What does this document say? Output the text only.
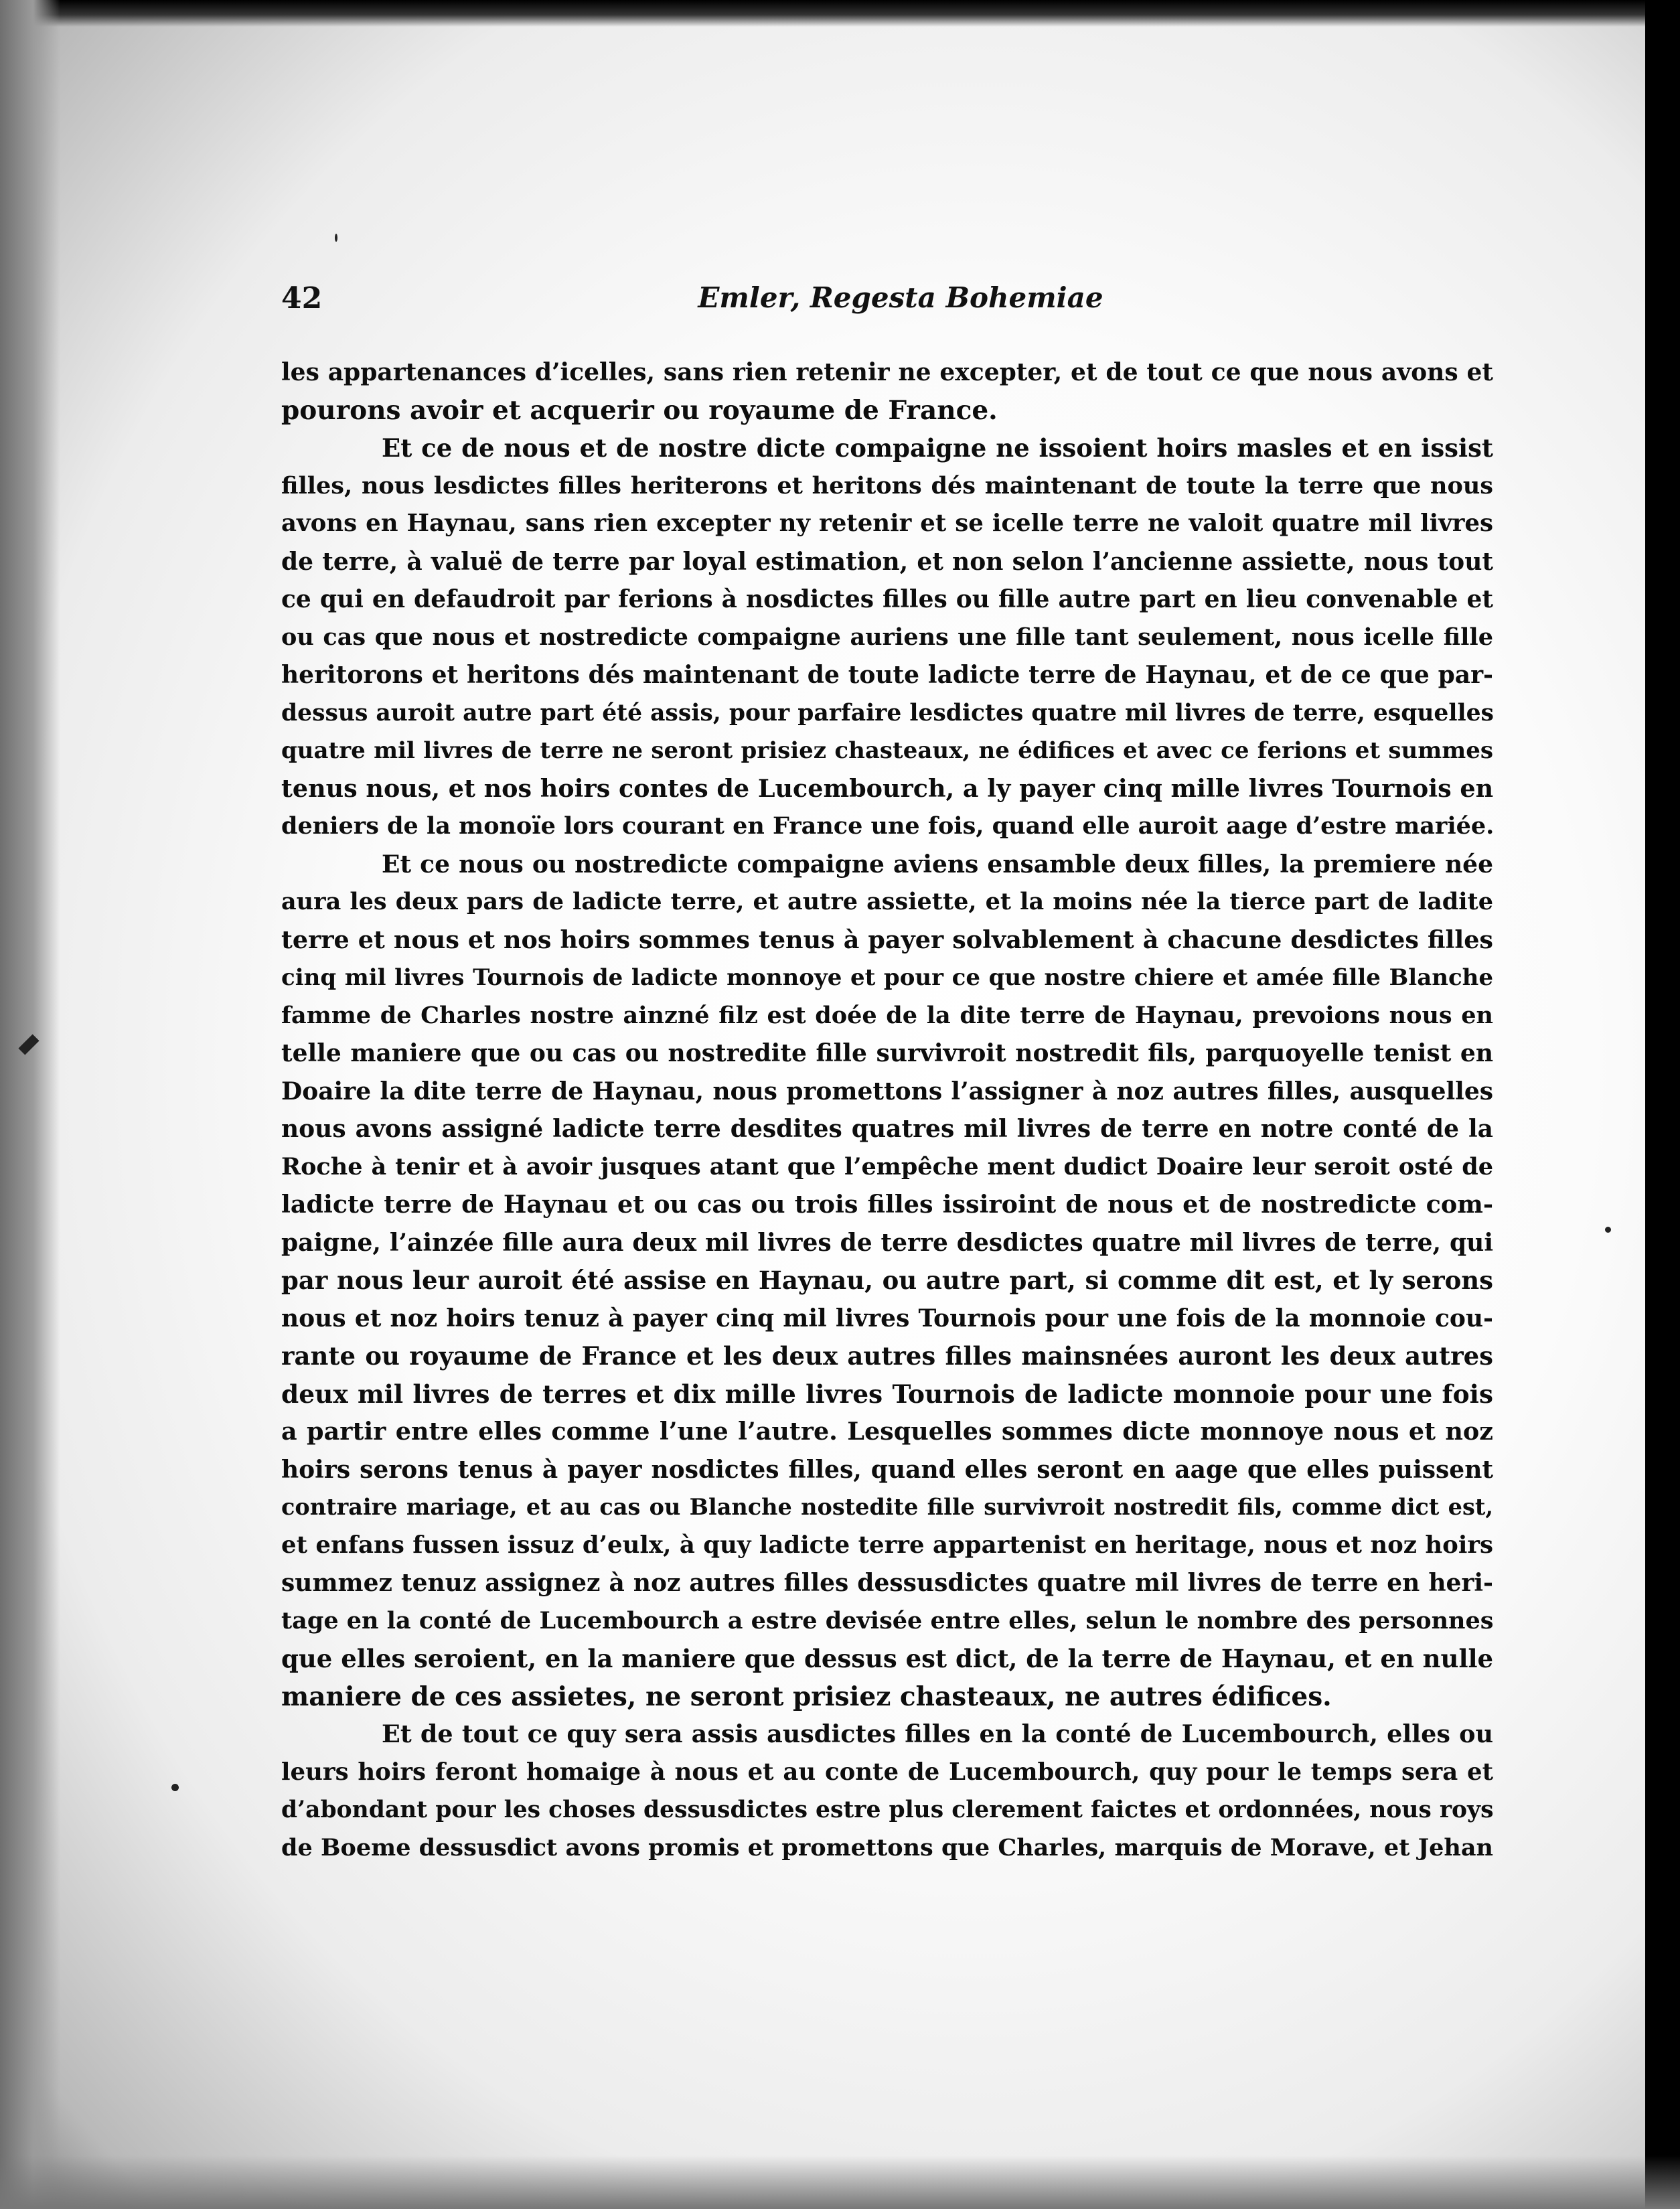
42	Emler, Regesta Bohemiae
les appartenances d’icelles, sans rien retenir ne excepter, et de tout ce que nous avons et
pourons avoir et acquerir ou royaume de France.
Et ce de nous et de nostre dicte compaigne ne issoient hoirs masles et en issist
filles, nous lesdictes filles heriterons et heritons dés maintenant de toute la terre que nous
avons en Haynau, sans rien excepter ny retenir et se icelle terre ne valoit quatre mil livres
de terre, à valuë de terre par loyal estimation, et non selon l’ancienne assiette, nous tout
ce qui en defaudroit par ferions à nosdictes filles ou fille autre part en lieu convenable et
ou cas que nous et nostredicte compaigne auriens une fille tant seulement, nous icelle fille
heritorons et heritons dés maintenant de toute ladicte terre de Haynau, et de ce que par-
dessus auroit autre part été assis, pour parfaire lesdictes quatre mil livres de terre, esquelles
quatre mil livres de terre ne seront prisiez chasteaux, ne édifices et avec ce ferions et summes
tenus nous, et nos hoirs contes de Lucembourch, a ly payer cinq mille livres Tournois en
deniers de la monoïe lors courant en France une fois, quand elle auroit aage d’estre mariée.
Et ce nous ou nostredicte compaigne aviens ensamble deux filles, la premiere née
aura les deux pars de ladicte terre, et autre assiette, et la moins née la tierce part de ladite
terre et nous et nos hoirs sommes tenus à payer solvablement à chacune desdictes filles
cinq mil livres Tournois de ladicte monnoye et pour ce que nostre chiere et amée fille Blanche
famme de Charles nostre ainzné filz est doée de la dite terre de Haynau, prevoions nous en
telle maniere que ou cas ou nostredite fille survivroit nostredit fils, parquoyelle tenist en
Doaire la dite terre de Haynau, nous promettons l’assigner à noz autres filles, ausquelles
nous avons assigné ladicte terre desdites quatres mil livres de terre en notre conté de la
Roche à tenir et à avoir jusques atant que l’empêche ment dudict Doaire leur seroit osté de
ladicte terre de Haynau et ou cas ou trois filles issiroint de nous et de nostredicte com-
paigne, l’ainzée fille aura deux mil livres de terre desdictes quatre mil livres de terre, qui
par nous leur auroit été assise en Haynau, ou autre part, si comme dit est, et ly serons
nous et noz hoirs tenuz à payer cinq mil livres Tournois pour une fois de la monnoie cou-
rante ou royaume de France et les deux autres filles mainsnées auront les deux autres
deux mil livres de terres et dix mille livres Tournois de ladicte monnoie pour une fois
a partir entre elles comme l’une l’autre. Lesquelles sommes dicte monnoye nous et noz
hoirs serons tenus à payer nosdictes filles, quand elles seront en aage que elles puissent
contraire mariage, et au cas ou Blanche nostedite fille survivroit nostredit fils, comme dict est,
et enfans fussen issuz d’eulx, à quy ladicte terre appartenist en heritage, nous et noz hoirs
summez tenuz assignez à noz autres filles dessusdictes quatre mil livres de terre en heri-
tage en la conté de Lucembourch a estre devisée entre elles, selun le nombre des personnes
que elles seroient, en la maniere que dessus est dict, de la terre de Haynau, et en nulle
maniere de ces assietes, ne seront prisiez chasteaux, ne autres édifices.
Et de tout ce quy sera assis ausdictes filles en la conté de Lucembourch, elles ou
leurs hoirs feront homaige à nous et au conte de Lucembourch, quy pour le temps sera et
d’abondant pour les choses dessusdictes estre plus clerement faictes et ordonnées, nous roys
de Boeme dessusdict avons promis et promettons que Charles, marquis de Morave, et Jehan
